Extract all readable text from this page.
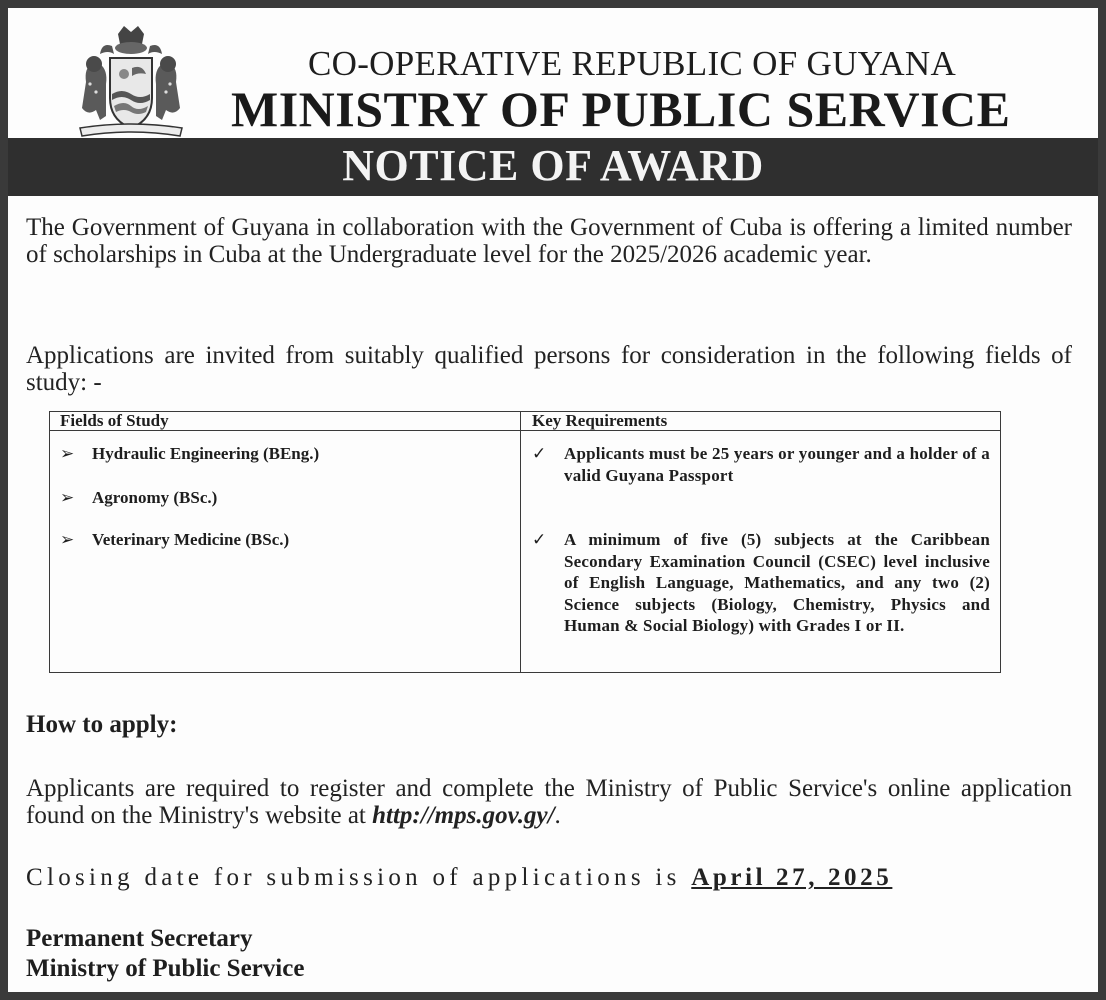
CO-OPERATIVE REPUBLIC OF GUYANA
MINISTRY OF PUBLIC SERVICE
NOTICE OF AWARD
The Government of Guyana in collaboration with the Government of Cuba is offering a limited number of scholarships in Cuba at the Undergraduate level for the 2025/2026 academic year.
Applications are invited from suitably qualified persons for consideration in the following fields of study: -
Fields of Study	Key Requirements
➢ Hydraulic Engineering (BEng.)
➢ Agronomy (BSc.)
➢ Veterinary Medicine (BSc.)
✓ Applicants must be 25 years or younger and a holder of a valid Guyana Passport
✓ A minimum of five (5) subjects at the Caribbean Secondary Examination Council (CSEC) level inclusive of English Language, Mathematics, and any two (2) Science subjects (Biology, Chemistry, Physics and Human & Social Biology) with Grades I or II.
How to apply:
Applicants are required to register and complete the Ministry of Public Service's online application found on the Ministry's website at http://mps.gov.gy/.
Closing date for submission of applications is April 27, 2025
Permanent Secretary
Ministry of Public Service
